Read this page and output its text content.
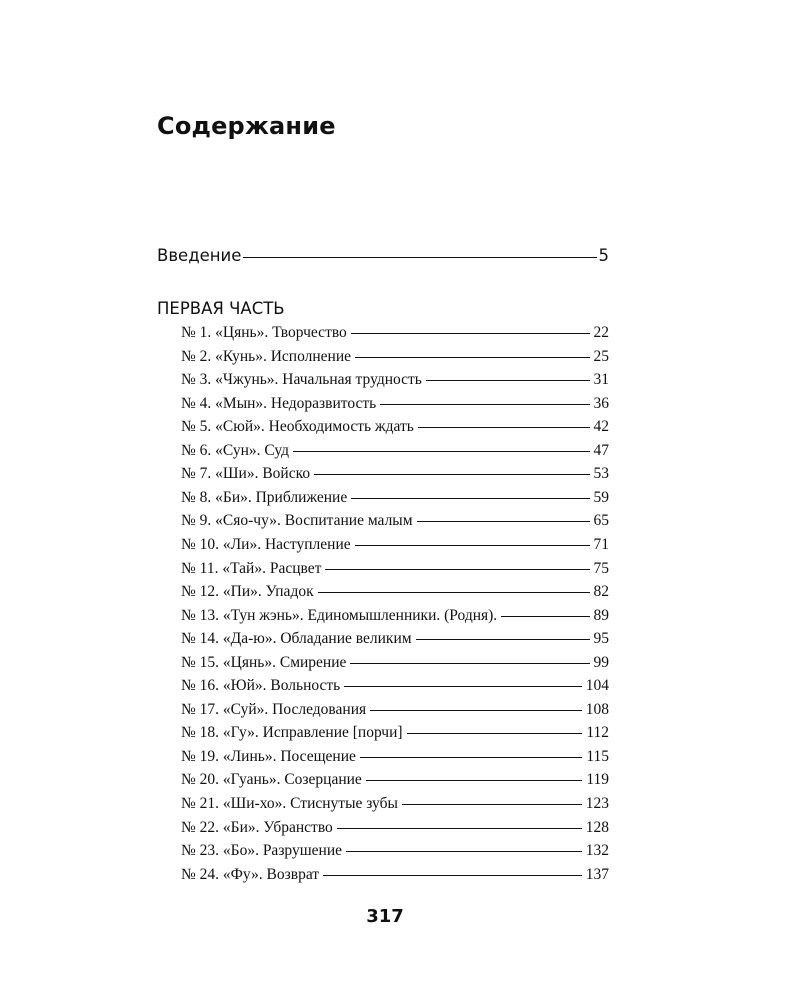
Содержание
Введение	5
ПЕРВАЯ ЧАСТЬ
№ 1. «Цянь». Творчество	22
№ 2. «Кунь». Исполнение	25
№ 3. «Чжунь». Начальная трудность	31
№ 4. «Мын». Недоразвитость	36
№ 5. «Сюй». Необходимость ждать	42
№ 6. «Сун». Суд	47
№ 7. «Ши». Войско	53
№ 8. «Би». Приближение	59
№ 9. «Сяо-чу». Воспитание малым	65
№ 10. «Ли». Наступление	71
№ 11. «Тай». Расцвет	75
№ 12. «Пи». Упадок	82
№ 13. «Тун жэнь». Единомышленники. (Родня).	89
№ 14. «Да-ю». Обладание великим	95
№ 15. «Цянь». Смирение	99
№ 16. «Юй». Вольность	104
№ 17. «Суй». Последования	108
№ 18. «Гу». Исправление [порчи]	112
№ 19. «Линь». Посещение	115
№ 20. «Гуань». Созерцание	119
№ 21. «Ши-хо». Стиснутые зубы	123
№ 22. «Би». Убранство	128
№ 23. «Бо». Разрушение	132
№ 24. «Фу». Возврат	137
317
